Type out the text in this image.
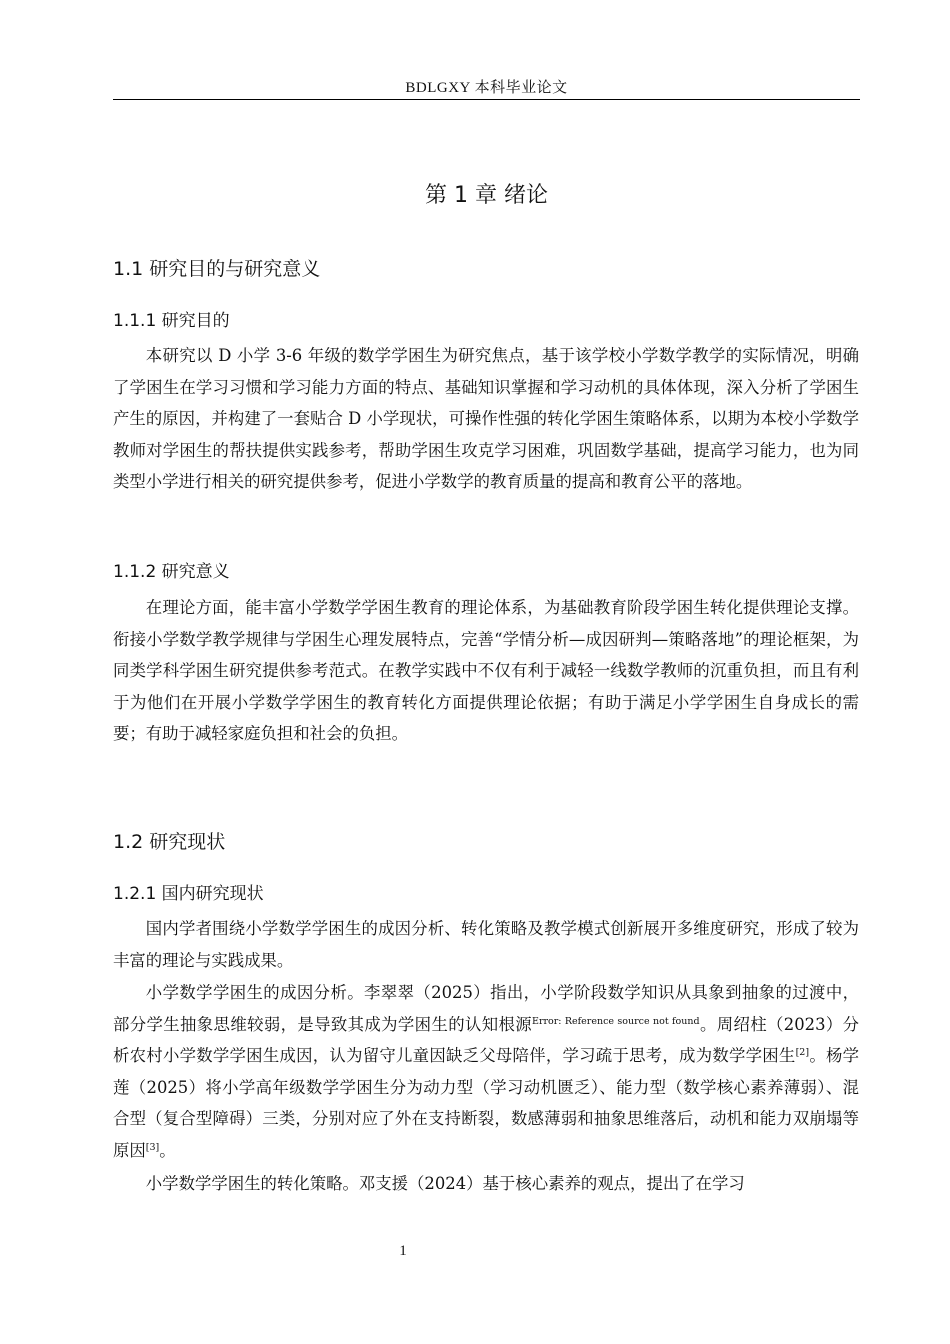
BDLGXY 本科毕业论文
第 1 章 绪论
1.1 研究目的与研究意义
1.1.1 研究目的

本研究以 D 小学 3-6 年级的数学学困生为研究焦点，基于该学校小学数学教学的实际情况，明确了学困生在学习习惯和学习能力方面的特点、基础知识掌握和学习动机的具体体现，深入分析了学困生产生的原因，并构建了一套贴合 D 小学现状，可操作性强的转化学困生策略体系，以期为本校小学数学教师对学困生的帮扶提供实践参考，帮助学困生攻克学习困难，巩固数学基础，提高学习能力，也为同类型小学进行相关的研究提供参考，促进小学数学的教育质量的提高和教育公平的落地。

1.1.2 研究意义

在理论方面，能丰富小学数学学困生教育的理论体系，为基础教育阶段学困生转化提供理论支撑。衔接小学数学教学规律与学困生心理发展特点，完善“学情分析—成因研判—策略落地”的理论框架，为同类学科学困生研究提供参考范式。在教学实践中不仅有利于减轻一线数学教师的沉重负担，而且有利于为他们在开展小学数学学困生的教育转化方面提供理论依据；有助于满足小学学困生自身成长的需要；有助于减轻家庭负担和社会的负担。

1.2 研究现状
1.2.1 国内研究现状

国内学者围绕小学数学学困生的成因分析、转化策略及教学模式创新展开多维度研究，形成了较为丰富的理论与实践成果。

小学数学学困生的成因分析。李翠翠（2025）指出，小学阶段数学知识从具象到抽象的过渡中，部分学生抽象思维较弱，是导致其成为学困生的认知根源$^{Error: Reference source not found}$。周绍柱（2023）分析农村小学数学学困生成因，认为留守儿童因缺乏父母陪伴，学习疏于思考，成为数学学困生[2]。杨学莲（2025）将小学高年级数学学困生分为动力型（学习动机匮乏）、能力型（数学核心素养薄弱）、混合型（复合型障碍）三类，分别对应了外在支持断裂，数感薄弱和抽象思维落后，动机和能力双崩塌等原因[3]。

小学数学学困生的转化策略。邓支援（2024）基于核心素养的观点，提出了在学习

1
